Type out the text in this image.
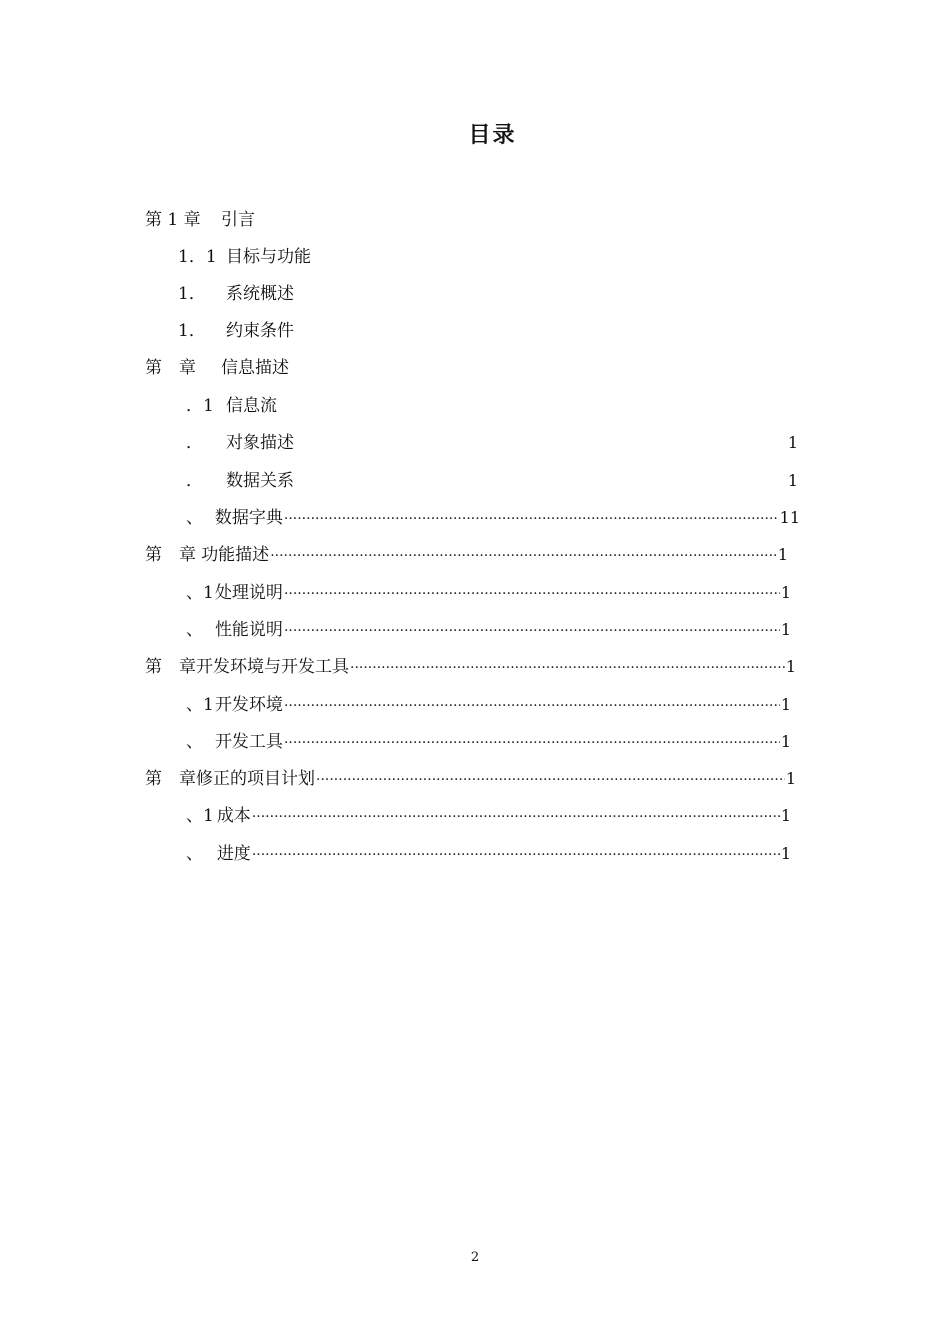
目录
第 1 章	引言
1．1 目标与功能
1．	系统概述
1．	约束条件
第　章	信息描述
．1 信息流
．	对象描述	1
．	数据关系	1
、 数据字典 ·····	11
第　章 功能描述 ·····	1
、1 处理说明 ·····	1
、 性能说明 ·····	1
第　章 开发环境与开发工具 ·····	1
、1 开发环境 ·····	1
、 开发工具 ·····	1
第　章 修正的项目计划 ·····	1
、1 成本 ·····	1
、 进度 ·····	1
2
